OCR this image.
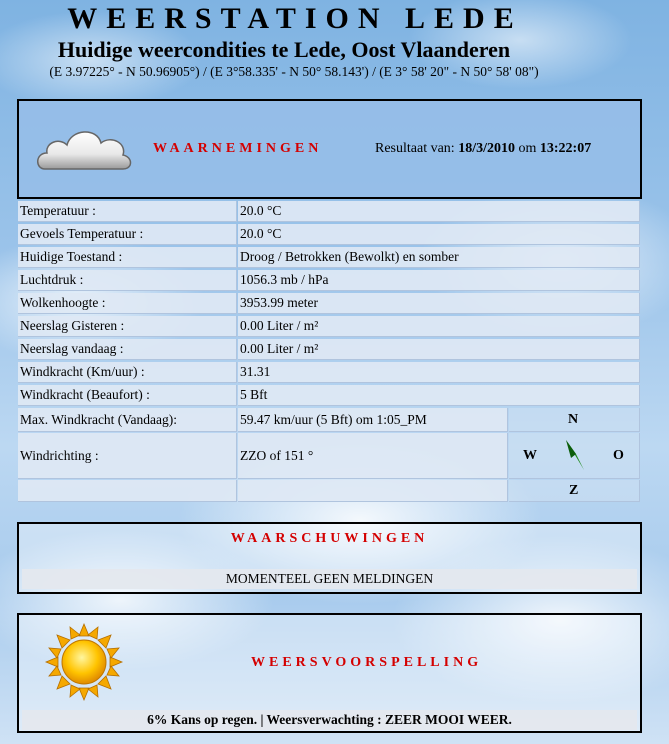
WEERSTATION LEDE
Huidige weercondities te Lede, Oost Vlaanderen
(E 3.97225° - N 50.96905°) / (E 3°58.335' - N 50° 58.143') / (E 3° 58' 20" - N 50° 58' 08")
WAARNEMINGEN	Resultaat van: 18/3/2010 om 13:22:07
Temperatuur :	20.0 °C
Gevoels Temperatuur :	20.0 °C
Huidige Toestand :	Droog / Betrokken (Bewolkt) en somber
Luchtdruk :	1056.3 mb / hPa
Wolkenhoogte :	3953.99 meter
Neerslag Gisteren :	0.00 Liter / m²
Neerslag vandaag :	0.00 Liter / m²
Windkracht (Km/uur) :	31.31
Windkracht (Beaufort) :	5 Bft
Max. Windkracht (Vandaag):	59.47 km/uur (5 Bft) om 1:05_PM
Windrichting :	ZZO of 151 °
N
W	O
Z
WAARSCHUWINGEN
MOMENTEEL GEEN MELDINGEN
WEERSVOORSPELLING
6% Kans op regen. | Weersverwachting : ZEER MOOI WEER.
